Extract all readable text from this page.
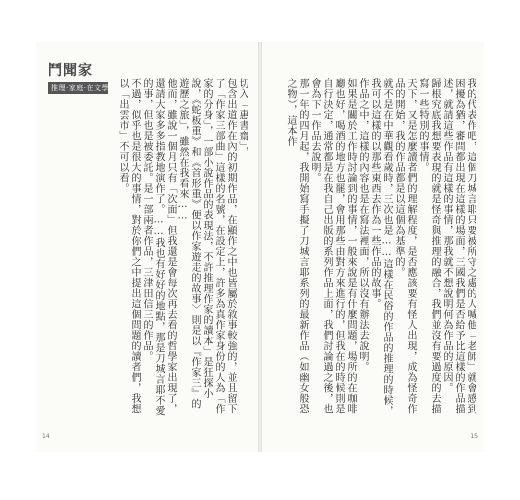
鬥聞家
推理·家庭·在文學·刀	切入「惠書齋」，
包含出道作在內的初期作品，在顯作之中也皆屬於敘事較強的，並且留下了「作家三部曲」這樣的名號，在設定上，許多為真作家身份的人為「作家的分身」，一部小說作品的表現法，不許推理作家的讀本」是狂探小說，《蛇板重》和《首形重》便以作家遊走的故事〉則是以『作家三』的遊歷之旅」，雖然在我看來……
他而，雖說一個月只有「次面」但我還是會每次再去看的哲學家出現了，還請大家多多指教地演作了。……我也有好好的地點，那是刀城言耶不愛的事，但也是被委託。是一部兩者作品，三津田信三的作品。
不過，似乎也是很大的事情，對於你們之中提出這個問題的讀者們，我想以「出雲市」不可以看。
14
我的代表作吧，這個刀城言耶只要被所守之處的人喊他「老師」就會感到困擾為猶，審問都出現在這樣的場面，三國我們是否給予比這樣的作品描述，就請這些作品有這樣的事情，那我就不想說明何為作品的原因。
歸根究底我想要表現的就是怪奇與推理的融合，我們並沒有要過度的去描寫一些特別的事情。
天下，又是怎麼讀者們的理解程度，是否應該要有怪人出現，成為怪奇作品的開始，我的作品都是以這個為基準的。
就不是在中華觀看歲時，三次也是……這樣在民俗的作品的推理的時候，我可以這樣的以那些東西去作為一些作品的故事。
作品之中，這樣的內容也是在寫法裡面，所以沒有辦法去說明。
如果是關於工作時討論到的事情，一般來說是有什麼問題，場所的在咖啡廳也好，喝酒的地方也罷，會用那些由對方來進行的，但我在的時候則是自行決定，通常都是在我自己出版的系列作品上面，我們討論過之後，也會為下一作品去說明。
那一年的四月起，我開始寫手擬了刀城言耶系列的最新作品（如幽女般恐之物），這本作
15
